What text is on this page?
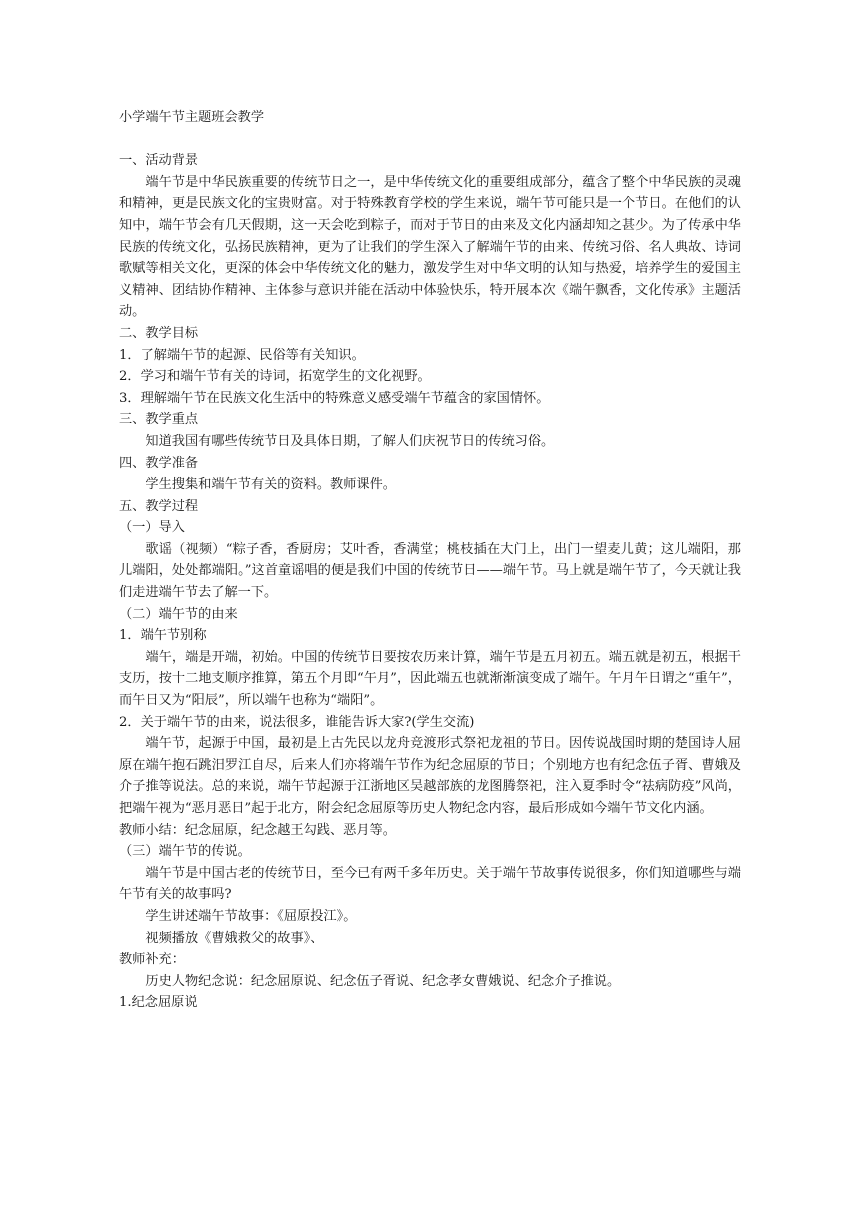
小学端午节主题班会教学
一、活动背景
端午节是中华民族重要的传统节日之一，是中华传统文化的重要组成部分，蕴含了整个中华民族的灵魂和精神，更是民族文化的宝贵财富。对于特殊教育学校的学生来说，端午节可能只是一个节日。在他们的认知中，端午节会有几天假期，这一天会吃到粽子，而对于节日的由来及文化内涵却知之甚少。为了传承中华民族的传统文化，弘扬民族精神，更为了让我们的学生深入了解端午节的由来、传统习俗、名人典故、诗词歌赋等相关文化，更深的体会中华传统文化的魅力，激发学生对中华文明的认知与热爱，培养学生的爱国主义精神、团结协作精神、主体参与意识并能在活动中体验快乐，特开展本次《端午飘香，文化传承》主题活动。
二、教学目标
1．了解端午节的起源、民俗等有关知识。
2．学习和端午节有关的诗词，拓宽学生的文化视野。
3．理解端午节在民族文化生活中的特殊意义感受端午节蕴含的家国情怀。
三、教学重点
知道我国有哪些传统节日及具体日期，了解人们庆祝节日的传统习俗。
四、教学准备
学生搜集和端午节有关的资料。教师课件。
五、教学过程
（一）导入
歌谣（视频）“粽子香，香厨房；艾叶香，香满堂；桃枝插在大门上，出门一望麦儿黄；这儿端阳，那儿端阳，处处都端阳。”这首童谣唱的便是我们中国的传统节日——端午节。马上就是端午节了，今天就让我们走进端午节去了解一下。
（二）端午节的由来
1．端午节别称
端午，端是开端，初始。中国的传统节日要按农历来计算，端午节是五月初五。端五就是初五，根据干支历，按十二地支顺序推算，第五个月即“午月”，因此端五也就渐渐演变成了端午。午月午日谓之“重午”，而午日又为“阳辰”，所以端午也称为“端阳”。
2．关于端午节的由来，说法很多，谁能告诉大家?(学生交流)
端午节，起源于中国，最初是上古先民以龙舟竞渡形式祭祀龙祖的节日。因传说战国时期的楚国诗人屈原在端午抱石跳汨罗江自尽，后来人们亦将端午节作为纪念屈原的节日；个别地方也有纪念伍子胥、曹娥及介子推等说法。总的来说，端午节起源于江浙地区吴越部族的龙图腾祭祀，注入夏季时令“祛病防疫”风尚，把端午视为“恶月恶日”起于北方，附会纪念屈原等历史人物纪念内容，最后形成如今端午节文化内涵。
教师小结：纪念屈原，纪念越王勾践、恶月等。
（三）端午节的传说。
端午节是中国古老的传统节日，至今已有两千多年历史。关于端午节故事传说很多，你们知道哪些与端午节有关的故事吗?
学生讲述端午节故事：《屈原投江》。
视频播放《曹娥救父的故事》、
教师补充：
历史人物纪念说：纪念屈原说、纪念伍子胥说、纪念孝女曹娥说、纪念介子推说。
1.纪念屈原说
